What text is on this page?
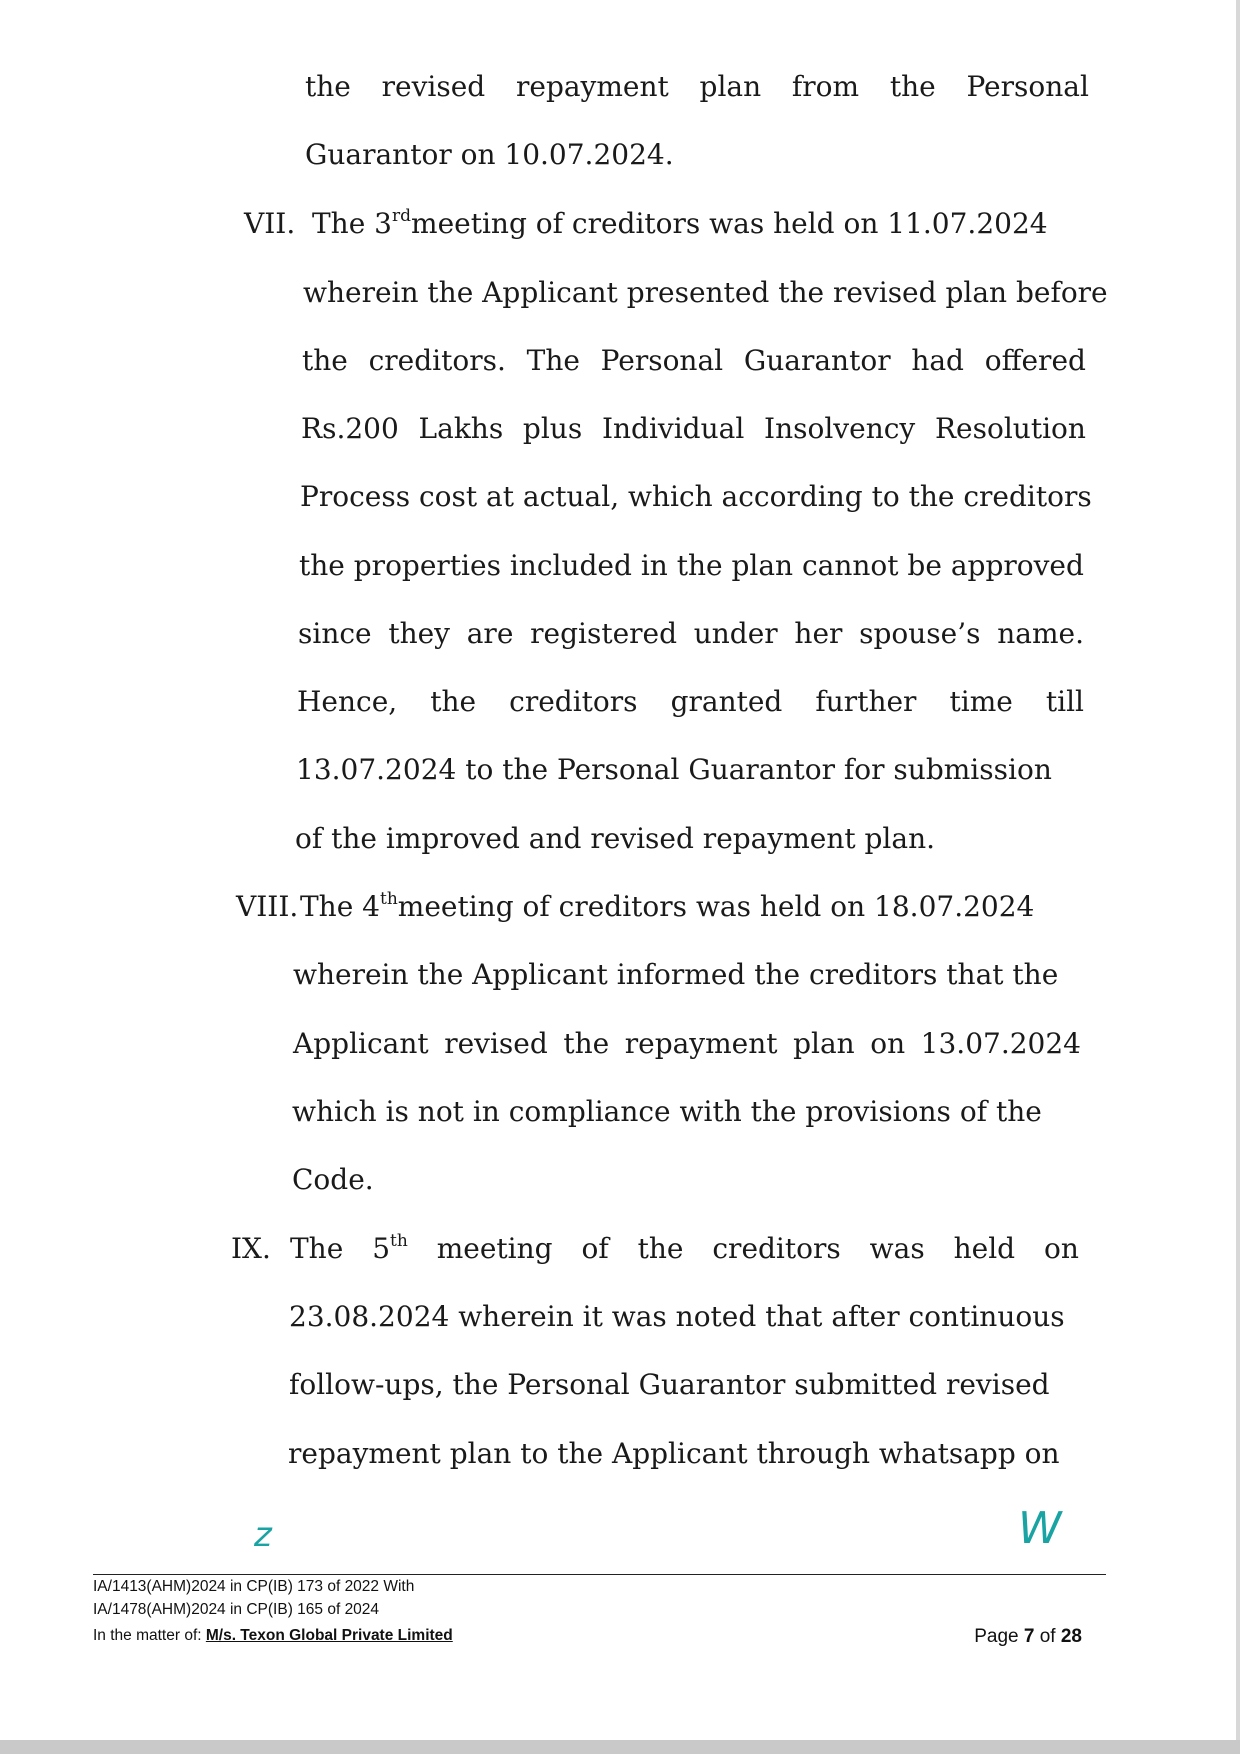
the revised repayment plan from the Personal

Guarantor on 10.07.2024.

VII. The 3rdmeeting of creditors was held on 11.07.2024

wherein the Applicant presented the revised plan before

the creditors. The Personal Guarantor had offered
Rs.200 Lakhs plus Individual Insolvency Resolution

Process cost at actual, which according to the creditors

the properties included in the plan cannot be approved

since they are registered under her spouse’s name.
Hence, the creditors granted further time till

13.07.2024 to the Personal Guarantor for submission

of the improved and revised repayment plan.

VIII. The 4thmeeting of creditors was held on 18.07.2024

wherein the Applicant informed the creditors that the

Applicant revised the repayment plan on 13.07.2024

which is not in compliance with the provisions of the

Code.

IX. The 5th meeting of the creditors was held on

23.08.2024 wherein it was noted that after continuous

follow-ups, the Personal Guarantor submitted revised

repayment plan to the Applicant through whatsapp on

z	W
IA/1413(AHM)2024 in CP(IB) 173 of 2022 With
IA/1478(AHM)2024 in CP(IB) 165 of 2024
In the matter of: M/s. Texon Global Private Limited	Page 7 of 28
